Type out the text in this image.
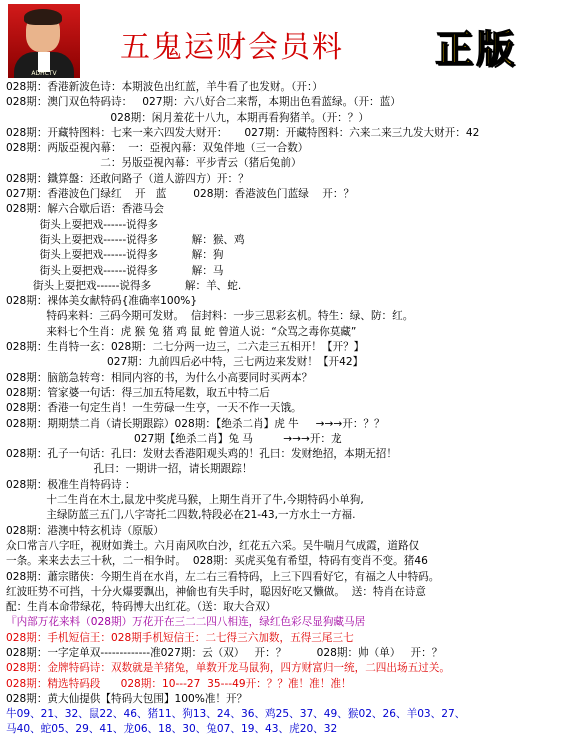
ADHCTV
五鬼运财会员料 正版
028期：香港新波色诗：本期波色出红蓝，羊牛看了也发财。（开：）
028期：澳门双色特码诗：   027期：六八好合二来帮，本期出色看蓝绿。（开：蓝）
028期：闲月羞花十八九，本期再看狗猪羊。（开：？）
028期：开藏特图料：七来一来六四发大财开：     027期：开藏特图料：六来二来三九发大财开：42
028期：两版亞視內幕：  一：亞視內幕：双兔伴地（三一合数）
二：另版亞視內幕：平步青云（猪后兔前）
028期：鐵算盤：还敢问路子（道人游四方）开：？
027期：香港波色门绿红    开   蓝        028期：香港波色门蓝绿    开：？
028期：解六合歇后语：香港马会
街头上耍把戏------说得多
街头上耍把戏------说得多          解：猴、鸡
街头上耍把戏------说得多          解：狗
街头上耍把戏------说得多          解：马
街头上耍把戏------说得多          解：羊、蛇.
028期：裸体美女献特码{准确率100%}
特码来料：三码今期可发财。  信封料：一步三思彩玄机。特生：绿、防：红。
来料七个生肖：虎 猴 兔 猪 鸡 鼠 蛇 曾道人说：“众骂之毒你莫藏”
028期：生肖特一玄：028期：二七分两一边三，二六走三五相开！【开？】
027期：九前四后必中特，三七两边来发财！【开42】
028期：脑筋急转弯：相同内容的书，为什么小高要同时买两本？
028期：管家婆一句话：得三加五特尾数，取五中特二后
028期：香港一句定生肖！一生劳碌一生亨，一天不作一天饿。
028期：期期禁二肖（请长期跟踪）028期：【绝杀二肖】虎 牛     →→→开：？？
027期【绝杀二肖】兔 马         →→→开：龙
028期：孔子一句话：孔曰：发财去香港阳观头鸡的！孔曰：发财绝招，本期无招！
孔曰：一期讲一招，请长期跟踪！
028期：极准生肖特码诗 ：
十二生肖在木土,鼠龙中奖虎马猴，上期生肖开了牛,今期特码小单狗,
主绿防蓝三五门,八字寄托二四数,特段必在21-43,一方水土一方福.
028期：港澳中特玄机诗（原版）
众口常言八字旺，视财如粪土。六月南风吹白沙，红花五六采。吴牛喘月气成霞，道路仅
一条。来来去去三十秋，二一相争时。  028期：买虎买兔有希望，特码有变肖不变。猪46
028期：蕭宗賭侠：今期生肖在水肖，左二右三看特码，上三下四看好它，有福之人中特码。
红波旺势不可挡，十分火爆要飘出，神偷也有失手时，聪因好吃又懒做。  送：特肖在诗意
配：生肖本命带绿花，特码博大出红花。（送：取大合双）
『内部万花来料（028期）万花开在三二二四八相连，绿红色彩尽显狗藏马居
028期：手机短信王：028期手机短信王：二七得三六加数，五得三尾三七
028期：一字定单双-------------准027期：云（双）   开：？         028期：帅（单）   开：？
028期：金牌特码诗：双数就是羊猪兔，单数开龙马鼠狗，四方财富归一统，二四出场五过关。
028期：精选特码段      028期：10---27  35---49开：？？准！准！准！
028期：黄大仙提供【特码大包围】100%准！开？
牛09、21、32、鼠22、46、猪11、狗13、24、36、鸡25、37、49、猴02、26、羊03、27、
马40、蛇05、29、41、龙06、18、30、兔07、19、43、虎20、32
